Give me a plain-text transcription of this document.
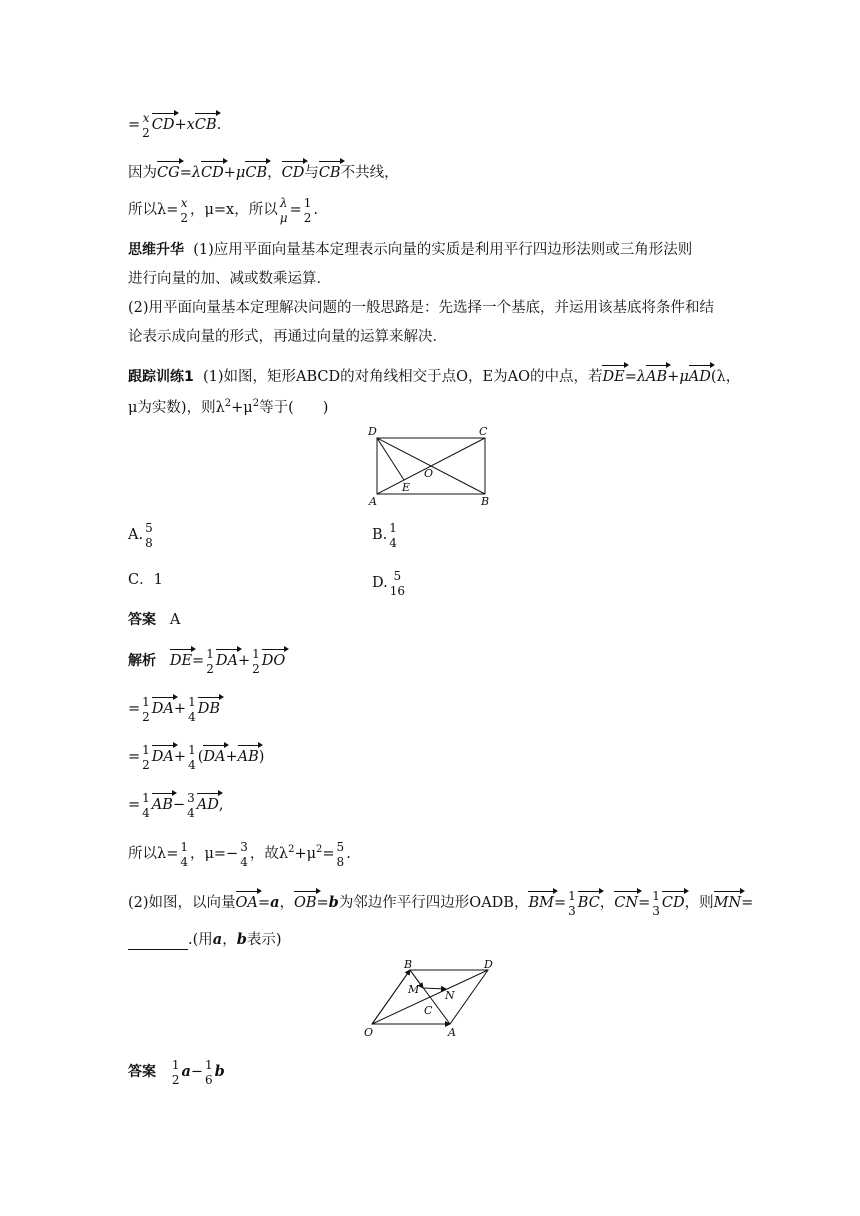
= x
2 CD+xCB.
因为CG=λCD+μCB，CD与CB不共线，
所以λ= x
2 ，μ=x，所以 λ
μ = 1
2 .
思维升华 (1)应用平面向量基本定理表示向量的实质是利用平行四边形法则或三角形法则
进行向量的加、减或数乘运算．
(2)用平面向量基本定理解决问题的一般思路是：先选择一个基底，并运用该基底将条件和结
论表示成向量的形式，再通过向量的运算来解决．
跟踪训练1 (1)如图，矩形ABCD的对角线相交于点O，E为AO的中点，若DE=λAB+μAD(λ，
μ为实数)，则$\lambda^2+\mu^2$等于(　　)
D	C
A	B
O
E
A. 5
8	B. 1
4
C．1	D. 5
16
答案 A
解析 DE= 1
2 DA+ 1
2 DO
= 1
2 DA+ 1
4 DB
= 1
2 DA+ 1
4 (DA+AB)
= 1
4 AB− 3
4 AD,
所以λ= 1
4 ，μ=− 3
4 ，故$\lambda^2+\mu^2= 5$
8 .
(2)如图，以向量OA=a，OB=b为邻边作平行四边形OADB，BM= 1
3 BC，CN= 1
3 CD，则MN=
.(用a，b表示)
B	D
M N
C
O	A
答案 1
2 a− 1
6 b
